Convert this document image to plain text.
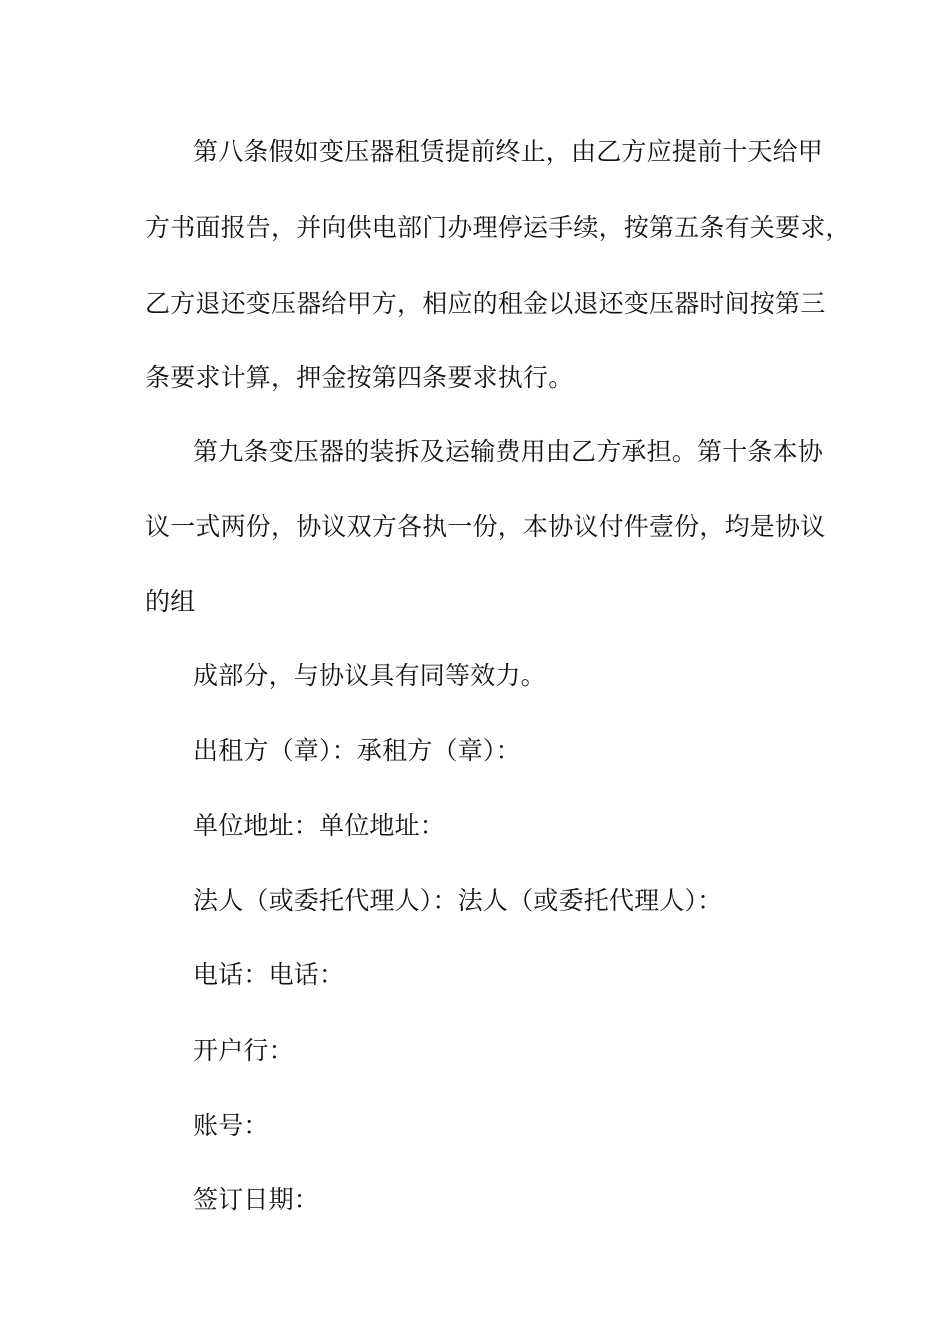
第八条假如变压器租赁提前终止，由乙方应提前十天给甲
方书面报告，并向供电部门办理停运手续，按第五条有关要求，
乙方退还变压器给甲方，相应的租金以退还变压器时间按第三
条要求计算，押金按第四条要求执行。
第九条变压器的装拆及运输费用由乙方承担。第十条本协
议一式两份，协议双方各执一份，本协议付件壹份，均是协议
的组
成部分，与协议具有同等效力。
出租方（章）：承租方（章）：
单位地址：单位地址：
法人（或委托代理人）：法人（或委托代理人）：
电话：电话：
开户行：
账号：
签订日期：
